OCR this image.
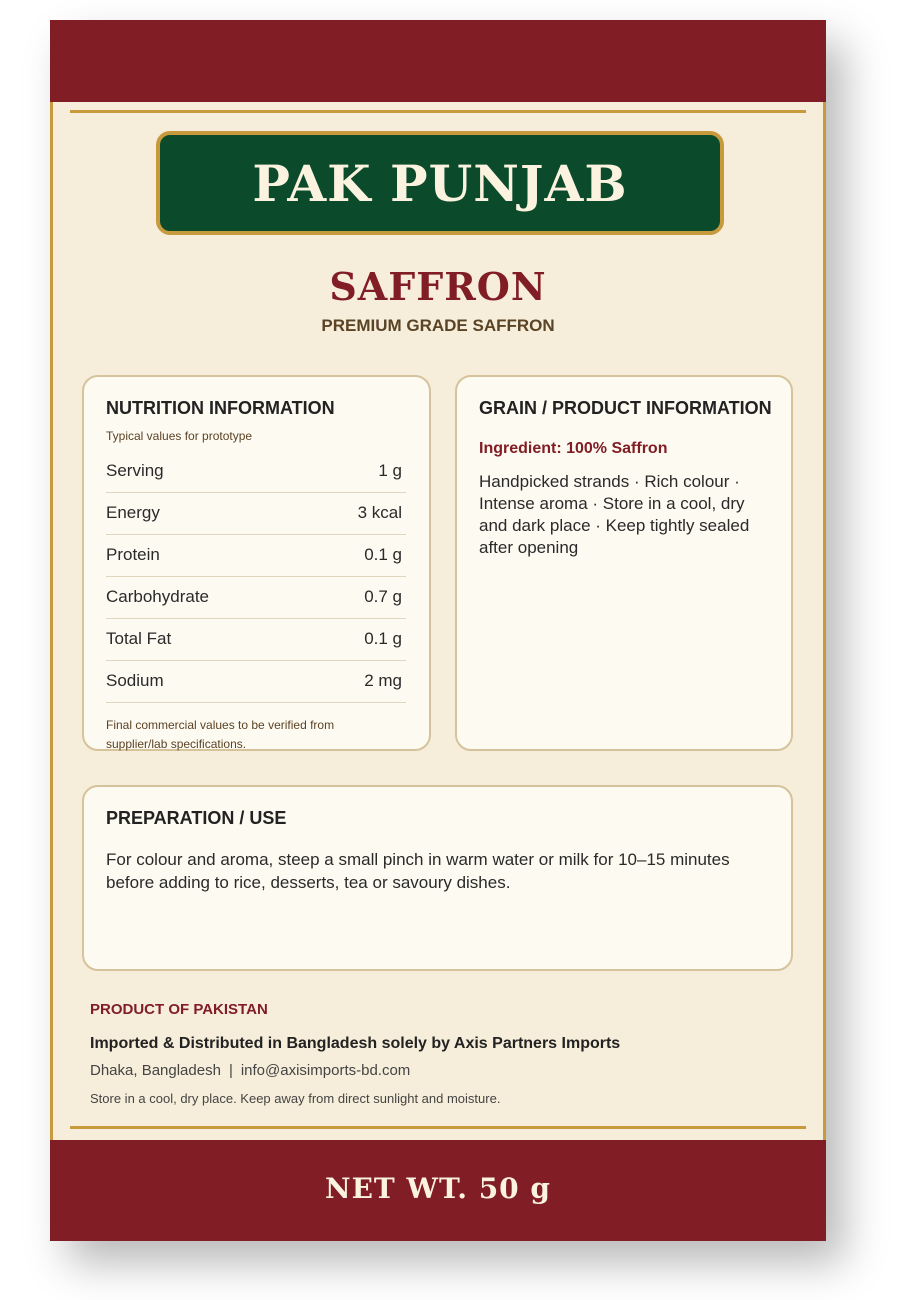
PAK PUNJAB
SAFFRON
PREMIUM GRADE SAFFRON
NUTRITION INFORMATION
Typical values for prototype
Serving	1 g
Energy	3 kcal
Protein	0.1 g
Carbohydrate	0.7 g
Total Fat	0.1 g
Sodium	2 mg
Final commercial values to be verified from supplier/lab specifications.
GRAIN / PRODUCT INFORMATION
Ingredient: 100% Saffron
Handpicked strands · Rich colour · Intense aroma · Store in a cool, dry and dark place · Keep tightly sealed after opening
PREPARATION / USE
For colour and aroma, steep a small pinch in warm water or milk for 10–15 minutes before adding to rice, desserts, tea or savoury dishes.
PRODUCT OF PAKISTAN
Imported & Distributed in Bangladesh solely by Axis Partners Imports
Dhaka, Bangladesh | info@axisimports-bd.com
Store in a cool, dry place. Keep away from direct sunlight and moisture.
NET WT. 50 g
